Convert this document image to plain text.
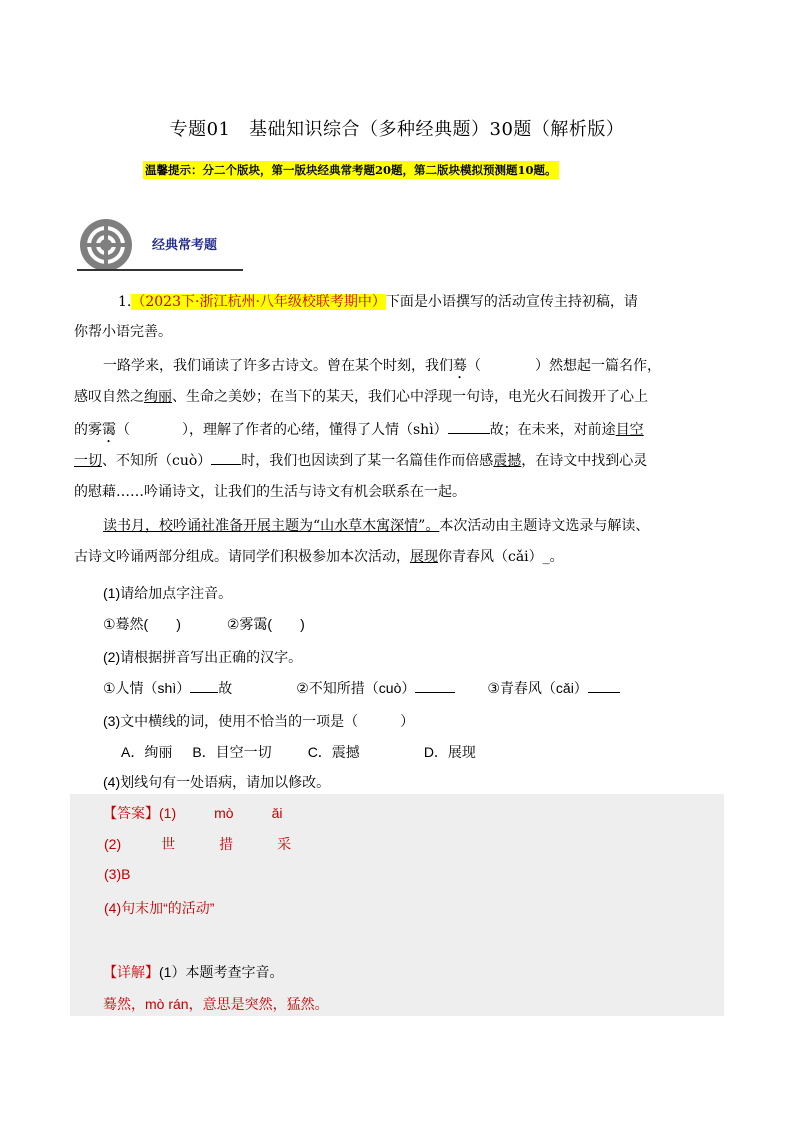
专题01　基础知识综合（多种经典题）30题（解析版）
温馨提示：分二个版块，第一版块经典常考题20题，第二版块模拟预测题10题。
经典常考题
1.（2023下·浙江杭州·八年级校联考期中）下面是小语撰写的活动宣传主持初稿，请
你帮小语完善。
一路学来，我们诵读了许多古诗文。曾在某个时刻，我们蓦（	）然想起一篇名作，
感叹自然之绚丽、生命之美妙；在当下的某天，我们心中浮现一句诗，电光火石间拨开了心上
的雾霭（	），理解了作者的心绪，懂得了人情（shì）	故；在未来，对前途目空
一切、不知所（cuò） 时，我们也因读到了某一名篇佳作而倍感震撼，在诗文中找到心灵
的慰藉……吟诵诗文，让我们的生活与诗文有机会联系在一起。
读书月，校吟诵社准备开展主题为“山水草木寓深情”。本次活动由主题诗文选录与解读、
古诗文吟诵两部分组成。请同学们积极参加本次活动，展现你青春风（cǎi）_。
(1)请给加点字注音。
①蓦然(　　)	②雾霭(　　)
(2)请根据拼音写出正确的汉字。
①人情（shì） 故	②不知所措（cuò）	③青春风（cǎi）
(3)文中横线的词，使用不恰当的一项是（　　　）
A．绚丽 B．目空一切	C．震撼	D．展现
(4)划线句有一处语病，请加以修改。
【答案】(1)	mò	ǎi
(2)	世	措	采
(3)B
(4)句末加“的活动”
【详解】(1）本题考查字音。
蓦然，mò rán，意思是突然，猛然。
